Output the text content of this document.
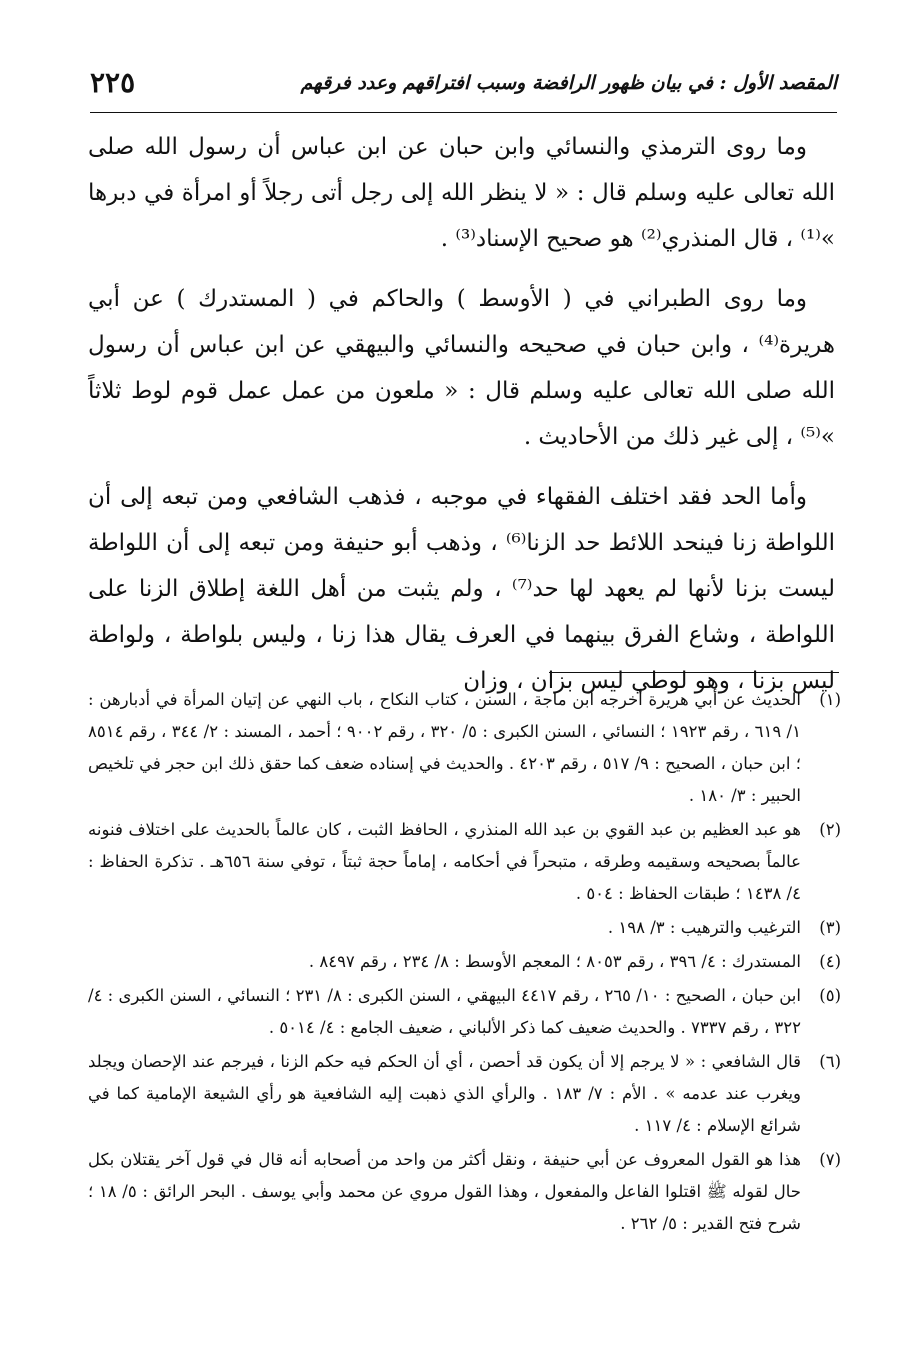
٢٢٥	المقصد الأول : في بيان ظهور الرافضة وسبب افتراقهم وعدد فرقهم

وما روى الترمذي والنسائي وابن حبان عن ابن عباس أن رسول الله صلى الله تعالى عليه وسلم قال : « لا ينظر الله إلى رجل أتى رجلاً أو امرأة في دبرها »⁽¹⁾ ، قال المنذري⁽²⁾ هو صحيح الإسناد⁽³⁾ .

وما روى الطبراني في ( الأوسط ) والحاكم في ( المستدرك ) عن أبي هريرة⁽⁴⁾ ، وابن حبان في صحيحه والنسائي والبيهقي عن ابن عباس أن رسول الله صلى الله تعالى عليه وسلم قال : « ملعون من عمل عمل قوم لوط ثلاثاً »⁽⁵⁾ ، إلى غير ذلك من الأحاديث .

وأما الحد فقد اختلف الفقهاء في موجبه ، فذهب الشافعي ومن تبعه إلى أن اللواطة زنا فينحد اللائط حد الزنا⁽⁶⁾ ، وذهب أبو حنيفة ومن تبعه إلى أن اللواطة ليست بزنا لأنها لم يعهد لها حد⁽⁷⁾ ، ولم يثبت من أهل اللغة إطلاق الزنا على اللواطة ، وشاع الفرق بينهما في العرف يقال هذا زنا ، وليس بلواطة ، ولواطة ليس بزنا ، وهو لوطي ليس بزان ، وزان

(١)
الحديث عن أبي هريرة أخرجه ابن ماجة ، السنن ، كتاب النكاح ، باب النهي عن إتيان المرأة في أدبارهن : ١/ ٦١٩ ، رقم ١٩٢٣ ؛ النسائي ، السنن الكبرى : ٥/ ٣٢٠ ، رقم ٩٠٠٢ ؛ أحمد ، المسند : ٢/ ٣٤٤ ، رقم ٨٥١٤ ؛ ابن حبان ، الصحيح : ٩/ ٥١٧ ، رقم ٤٢٠٣ . والحديث في إسناده ضعف كما حقق ذلك ابن حجر في تلخيص الحبير : ٣/ ١٨٠ .
(٢)
هو عبد العظيم بن عبد القوي بن عبد الله المنذري ، الحافظ الثبت ، كان عالماً بالحديث على اختلاف فنونه عالماً بصحيحه وسقيمه وطرقه ، متبحراً في أحكامه ، إماماً حجة ثبتاً ، توفي سنة ٦٥٦هـ . تذكرة الحفاظ : ٤/ ١٤٣٨ ؛ طبقات الحفاظ : ٥٠٤ .
(٣)
الترغيب والترهيب : ٣/ ١٩٨ .
(٤)
المستدرك : ٤/ ٣٩٦ ، رقم ٨٠٥٣ ؛ المعجم الأوسط : ٨/ ٢٣٤ ، رقم ٨٤٩٧ .
(٥)
ابن حبان ، الصحيح : ١٠/ ٢٦٥ ، رقم ٤٤١٧ البيهقي ، السنن الكبرى : ٨/ ٢٣١ ؛ النسائي ، السنن الكبرى : ٤/ ٣٢٢ ، رقم ٧٣٣٧ . والحديث ضعيف كما ذكر الألباني ، ضعيف الجامع : ٤/ ٥٠١٤ .
(٦)
قال الشافعي : « لا يرجم إلا أن يكون قد أحصن ، أي أن الحكم فيه حكم الزنا ، فيرجم عند الإحصان ويجلد ويغرب عند عدمه » . الأم : ٧/ ١٨٣ . والرأي الذي ذهبت إليه الشافعية هو رأي الشيعة الإمامية كما في شرائع الإسلام : ٤/ ١١٧ .
(٧)
هذا هو القول المعروف عن أبي حنيفة ، ونقل أكثر من واحد من أصحابه أنه قال في قول آخر يقتلان بكل حال لقوله ﷺ اقتلوا الفاعل والمفعول ، وهذا القول مروي عن محمد وأبي يوسف . البحر الرائق : ٥/ ١٨ ؛ شرح فتح القدير : ٥/ ٢٦٢ .
